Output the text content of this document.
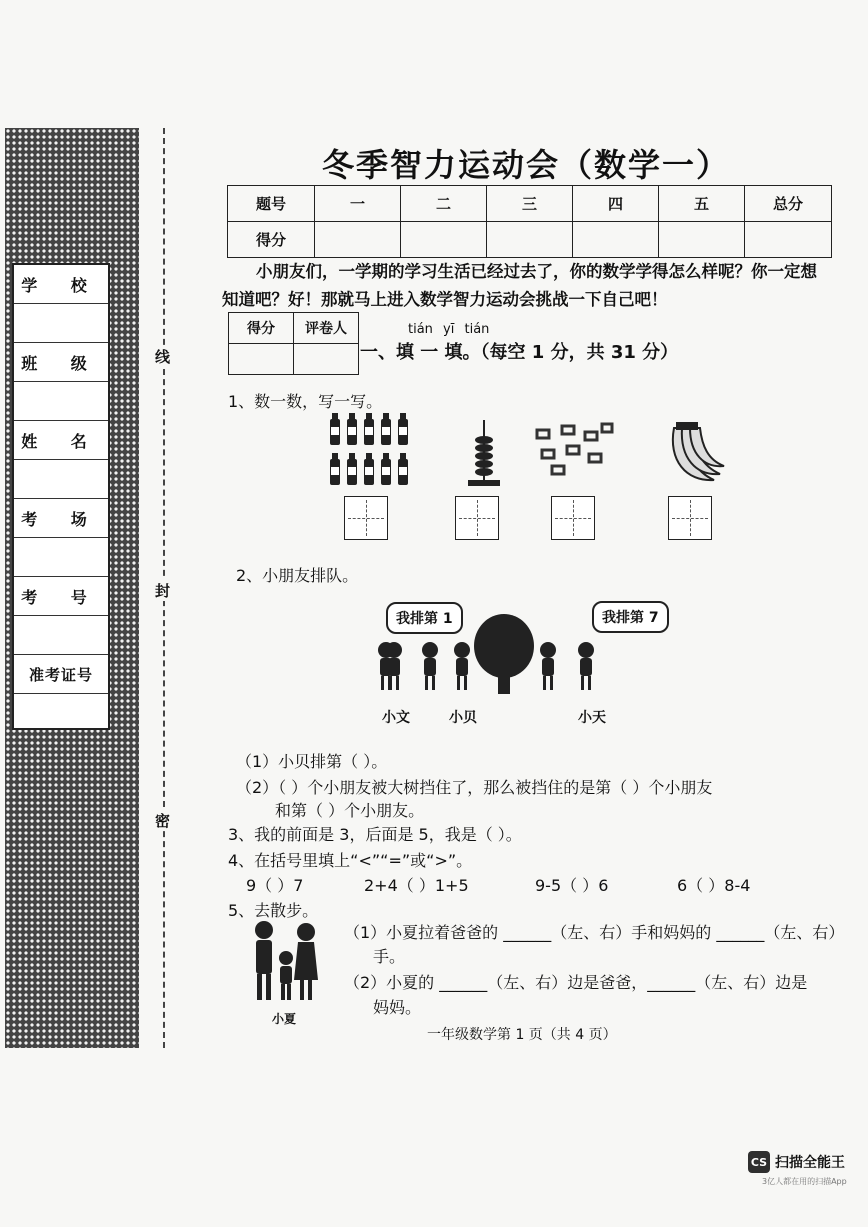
学 校
班 级
姓 名
考 场
考 号
准考证号
线
封
密
冬季智力运动会（数学一）
题号	一	二	三	四	五	总分
得分						
小朋友们，一学期的学习生活已经过去了，你的数学学得怎么样呢？你一定想知道吧？好！那就马上进入数学智力运动会挑战一下自己吧！
得分	评卷人
		tián yī tián
一、填 一 填。（每空 1 分，共 31 分）
1、数一数，写一写。
2、小朋友排队。
我排第 1	我排第 7
小文	小贝	小天
（1）小贝排第（ ）。
（2）（ ）个小朋友被大树挡住了，那么被挡住的是第（ ）个小朋友
和第（ ）个小朋友。
3、我的前面是 3，后面是 5，我是（ ）。
4、在括号里填上“<”“=”或“>”。
9（ ）7	2+4（ ）1+5	9-5（ ）6	6（ ）8-4
5、去散步。
小夏
（1）小夏拉着爸爸的 ______（左、右）手和妈妈的 ______（左、右）
手。
（2）小夏的 ______（左、右）边是爸爸，______（左、右）边是
妈妈。
一年级数学第 1 页（共 4 页）
CS 扫描全能王
3亿人都在用的扫描App
